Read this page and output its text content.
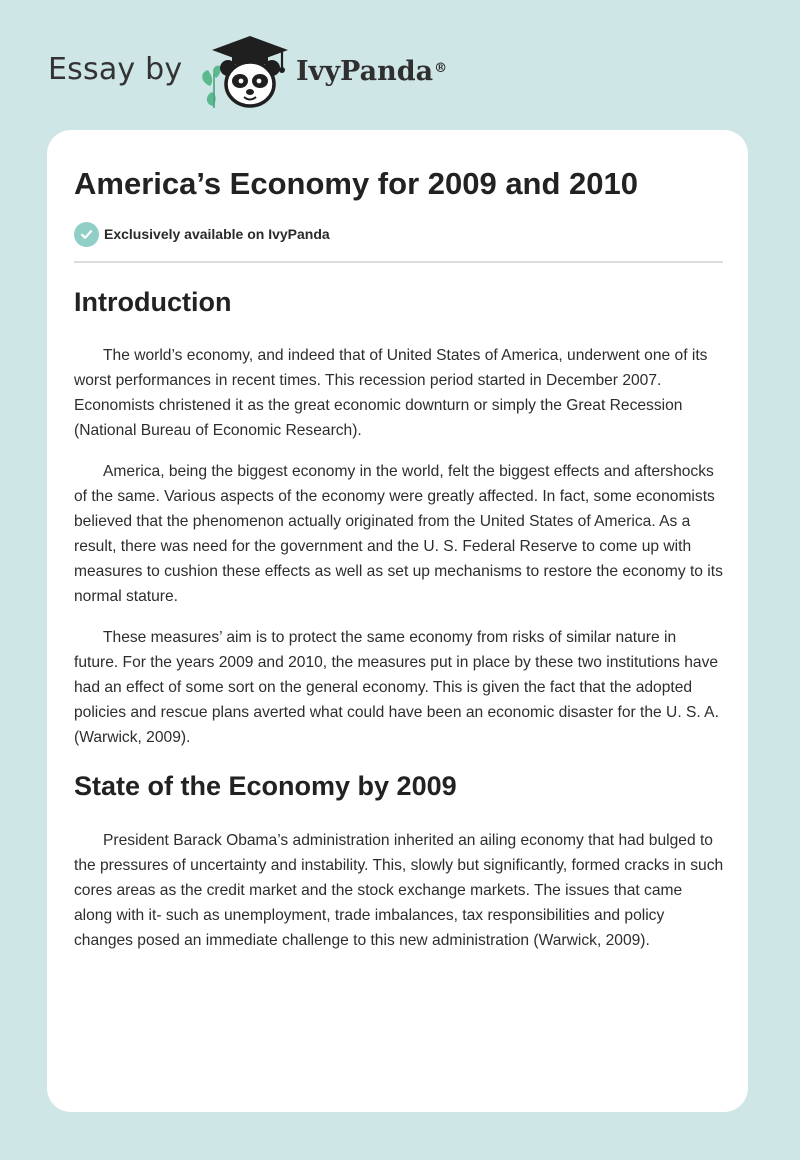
Essay by	IvyPanda®
America’s Economy for 2009 and 2010
Exclusively available on IvyPanda
Introduction

The world’s economy, and indeed that of United States of America, underwent one of its worst performances in recent times. This recession period started in December 2007. Economists christened it as the great economic downturn or simply the Great Recession (National Bureau of Economic Research).

America, being the biggest economy in the world, felt the biggest effects and aftershocks of the same. Various aspects of the economy were greatly affected. In fact, some economists believed that the phenomenon actually originated from the United States of America. As a result, there was need for the government and the U. S. Federal Reserve to come up with measures to cushion these effects as well as set up mechanisms to restore the economy to its normal stature.

These measures’ aim is to protect the same economy from risks of similar nature in future. For the years 2009 and 2010, the measures put in place by these two institutions have had an effect of some sort on the general economy. This is given the fact that the adopted policies and rescue plans averted what could have been an economic disaster for the U. S. A. (Warwick, 2009).

State of the Economy by 2009

President Barack Obama’s administration inherited an ailing economy that had bulged to the pressures of uncertainty and instability. This, slowly but significantly, formed cracks in such cores areas as the credit market and the stock exchange markets. The issues that came along with it- such as unemployment, trade imbalances, tax responsibilities and policy changes posed an immediate challenge to this new administration (Warwick, 2009).
